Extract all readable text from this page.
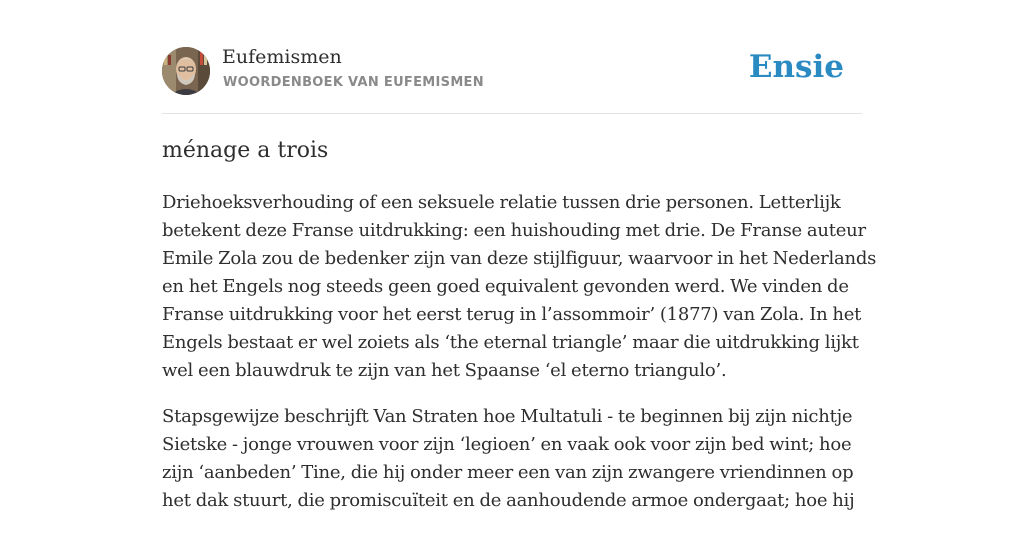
Eufemismen
WOORDENBOEK VAN EUFEMISMEN	Ensie
ménage a trois

Driehoeksverhouding of een seksuele relatie tussen drie personen. Letterlijk
betekent deze Franse uitdrukking: een huishouding met drie. De Franse auteur
Emile Zola zou de bedenker zijn van deze stijlfiguur, waarvoor in het Nederlands
en het Engels nog steeds geen goed equivalent gevonden werd. We vinden de
Franse uitdrukking voor het eerst terug in l’assommoir’ (1877) van Zola. In het
Engels bestaat er wel zoiets als ‘the eternal triangle’ maar die uitdrukking lijkt
wel een blauwdruk te zijn van het Spaanse ‘el eterno triangulo’.

Stapsgewijze beschrijft Van Straten hoe Multatuli - te beginnen bij zijn nichtje
Sietske - jonge vrouwen voor zijn ‘legioen’ en vaak ook voor zijn bed wint; hoe
zijn ‘aanbeden’ Tine, die hij onder meer een van zijn zwangere vriendinnen op
het dak stuurt, die promiscuïteit en de aanhoudende armoe ondergaat; hoe hij
